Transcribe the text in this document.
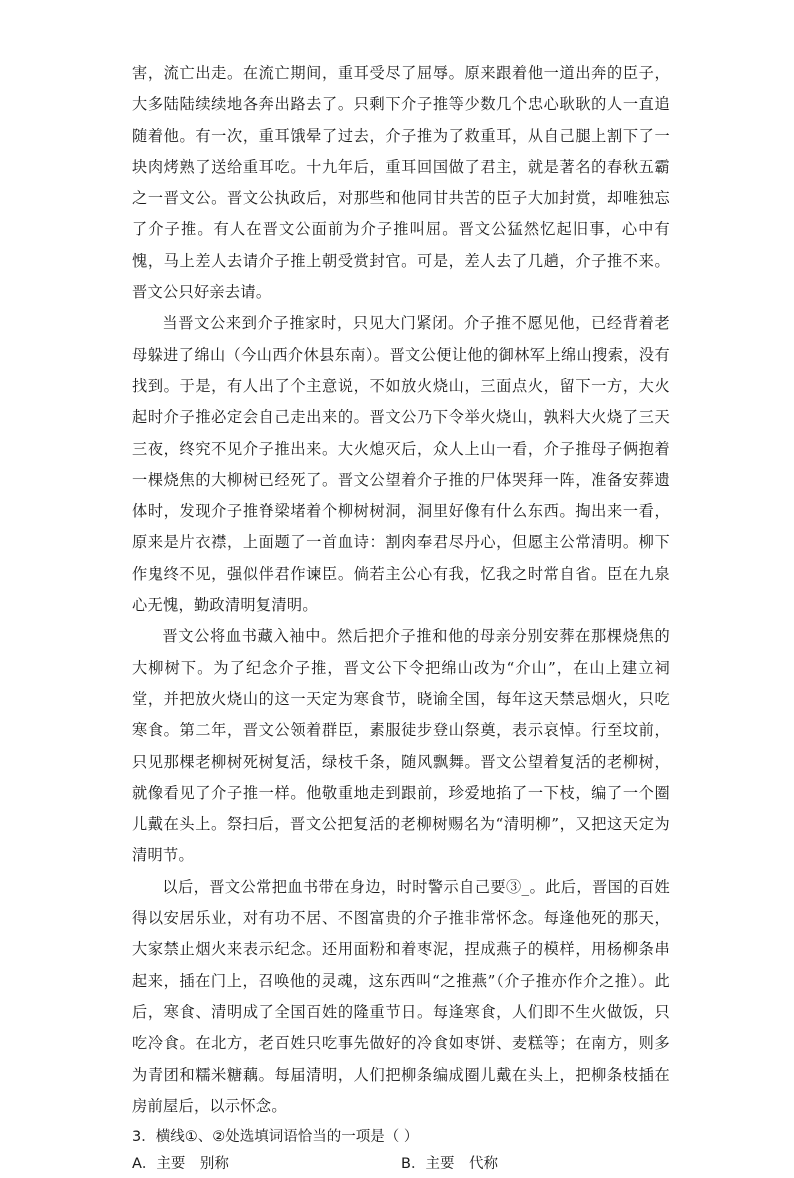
害，流亡出走。在流亡期间，重耳受尽了屈辱。原来跟着他一道出奔的臣子，大多陆陆续续地各奔出路去了。只剩下介子推等少数几个忠心耿耿的人一直追随着他。有一次，重耳饿晕了过去，介子推为了救重耳，从自己腿上割下了一块肉烤熟了送给重耳吃。十九年后，重耳回国做了君主，就是著名的春秋五霸之一晋文公。晋文公执政后，对那些和他同甘共苦的臣子大加封赏，却唯独忘了介子推。有人在晋文公面前为介子推叫屈。晋文公猛然忆起旧事，心中有愧，马上差人去请介子推上朝受赏封官。可是，差人去了几趟，介子推不来。晋文公只好亲去请。

当晋文公来到介子推家时，只见大门紧闭。介子推不愿见他，已经背着老母躲进了绵山（今山西介休县东南）。晋文公便让他的御林军上绵山搜索，没有找到。于是，有人出了个主意说，不如放火烧山，三面点火，留下一方，大火起时介子推必定会自己走出来的。晋文公乃下令举火烧山，孰料大火烧了三天三夜，终究不见介子推出来。大火熄灭后，众人上山一看，介子推母子俩抱着一棵烧焦的大柳树已经死了。晋文公望着介子推的尸体哭拜一阵，准备安葬遗体时，发现介子推脊梁堵着个柳树树洞，洞里好像有什么东西。掏出来一看，原来是片衣襟，上面题了一首血诗：割肉奉君尽丹心，但愿主公常清明。柳下作鬼终不见，强似伴君作谏臣。倘若主公心有我，忆我之时常自省。臣在九泉心无愧，勤政清明复清明。

晋文公将血书藏入袖中。然后把介子推和他的母亲分别安葬在那棵烧焦的大柳树下。为了纪念介子推，晋文公下令把绵山改为“介山”，在山上建立祠堂，并把放火烧山的这一天定为寒食节，晓谕全国，每年这天禁忌烟火，只吃寒食。第二年，晋文公领着群臣，素服徒步登山祭奠，表示哀悼。行至坟前，只见那棵老柳树死树复活，绿枝千条，随风飘舞。晋文公望着复活的老柳树，就像看见了介子推一样。他敬重地走到跟前，珍爱地掐了一下枝，编了一个圈儿戴在头上。祭扫后，晋文公把复活的老柳树赐名为“清明柳”，又把这天定为清明节。

以后，晋文公常把血书带在身边，时时警示自己要③_。此后，晋国的百姓得以安居乐业，对有功不居、不图富贵的介子推非常怀念。每逢他死的那天，大家禁止烟火来表示纪念。还用面粉和着枣泥，捏成燕子的模样，用杨柳条串起来，插在门上，召唤他的灵魂，这东西叫“之推燕”（介子推亦作介之推）。此后，寒食、清明成了全国百姓的隆重节日。每逢寒食，人们即不生火做饭，只吃冷食。在北方，老百姓只吃事先做好的冷食如枣饼、麦糕等；在南方，则多为青团和糯米糖藕。每届清明，人们把柳条编成圈儿戴在头上，把柳条枝插在房前屋后，以示怀念。

3．横线①、②处选填词语恰当的一项是（ ）
A．主要　别称	B．主要　代称
